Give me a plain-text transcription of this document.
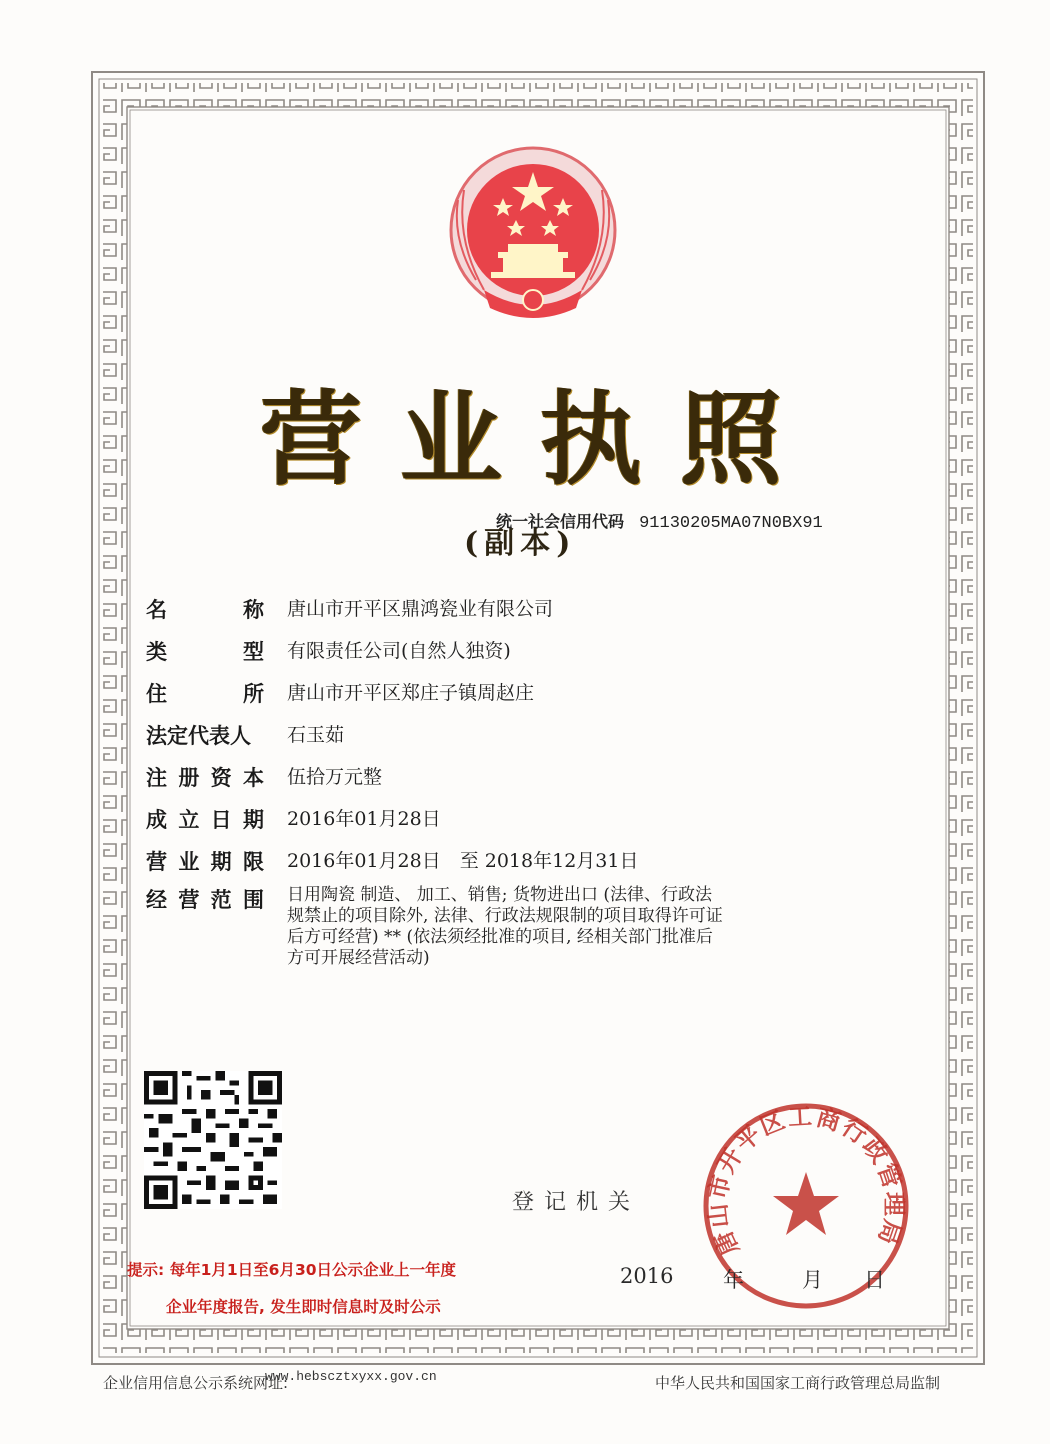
营业执照
(副本)
统一社会信用代码 91130205MA07N0BX91
名	称 唐山市开平区鼎鸿瓷业有限公司
类	型 有限责任公司(自然人独资)
住	所 唐山市开平区郑庄子镇周赵庄
法定代表人 石玉茹
注 册 资 本 伍拾万元整
成 立 日 期 2016年01月28日
营 业 期 限 2016年01月28日　至 2018年12月31日
经 营 范 围 日用陶瓷 制造、 加工、销售; 货物进出口 (法律、行政法
规禁止的项目除外, 法律、行政法规限制的项目取得许可证
后方可经营) ** (依法须经批准的项目, 经相关部门批准后
方可开展经营活动)
登记机关
唐山市开平区工商行政管理局
2016 年	月 日
提示: 每年1月1日至6月30日公示企业上一年度
企业年度报告, 发生即时信息时及时公示
企业信用信息公示系统网址:
www.hebscztxyxx.gov.cn	中华人民共和国国家工商行政管理总局监制
